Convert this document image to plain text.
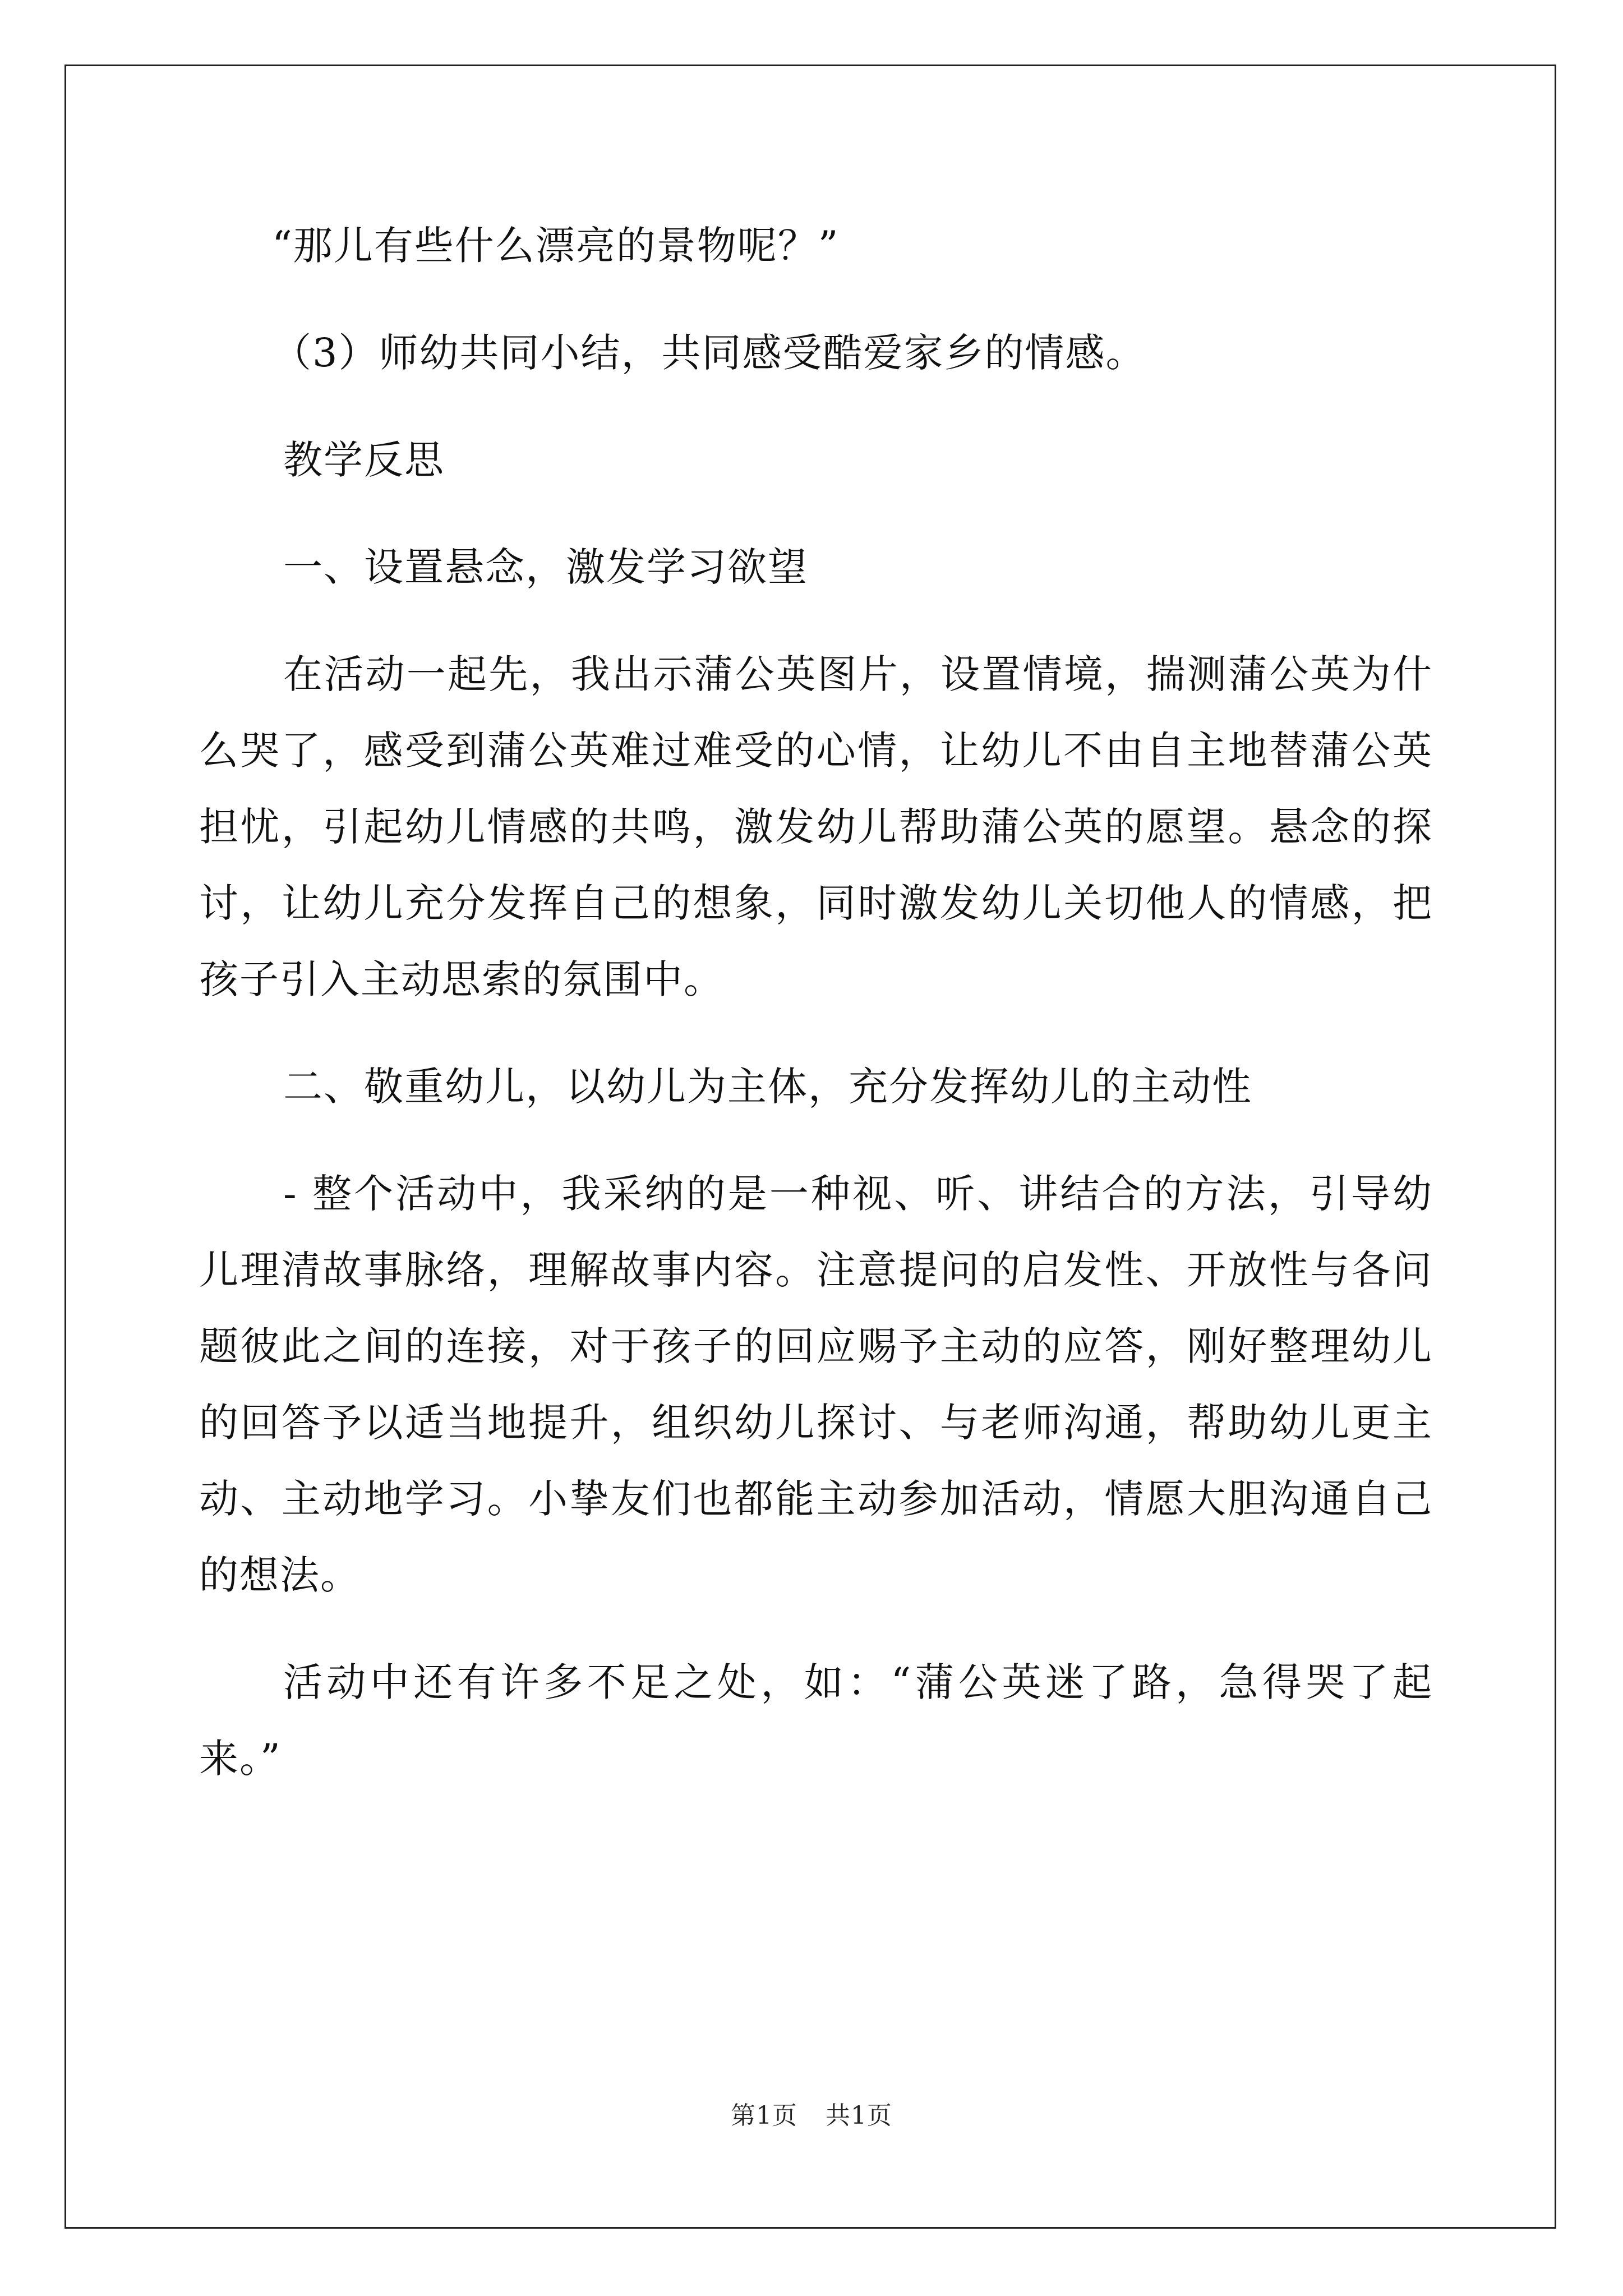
“那儿有些什么漂亮的景物呢？”

（3）师幼共同小结，共同感受酷爱家乡的情感。

教学反思

一、设置悬念，激发学习欲望

在活动一起先，我出示蒲公英图片，设置情境，揣测蒲公英为什么哭了，感受到蒲公英难过难受的心情，让幼儿不由自主地替蒲公英担忧，引起幼儿情感的共鸣，激发幼儿帮助蒲公英的愿望。悬念的探讨，让幼儿充分发挥自己的想象，同时激发幼儿关切他人的情感，把孩子引入主动思索的氛围中。

二、敬重幼儿，以幼儿为主体，充分发挥幼儿的主动性

- 整个活动中，我采纳的是一种视、听、讲结合的方法，引导幼儿理清故事脉络，理解故事内容。注意提问的启发性、开放性与各问题彼此之间的连接，对于孩子的回应赐予主动的应答，刚好整理幼儿的回答予以适当地提升，组织幼儿探讨、与老师沟通，帮助幼儿更主动、主动地学习。小挚友们也都能主动参加活动，情愿大胆沟通自己的想法。

活动中还有许多不足之处，如：“蒲公英迷了路，急得哭了起来。”

第1页 共1页
